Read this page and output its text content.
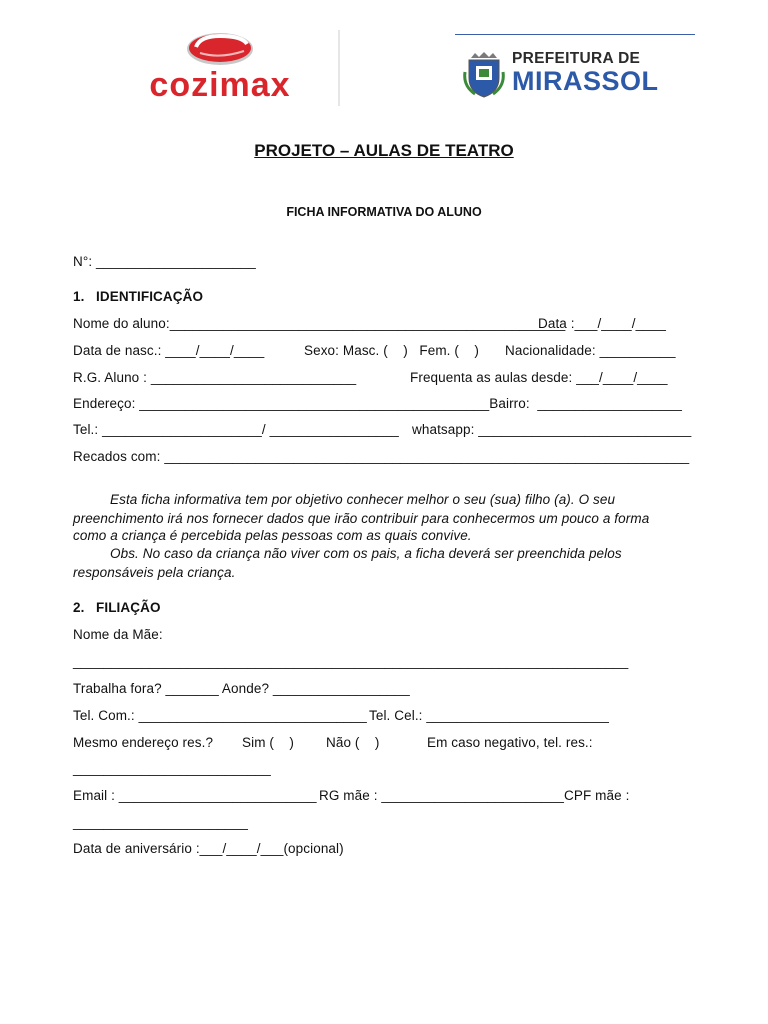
cozimax
PREFEITURA DE
MIRASSOL
PROJETO – AULAS DE TEATRO
FICHA INFORMATIVA DO ALUNO
N°: _____________________
1.   IDENTIFICAÇÃO
Nome do aluno:____________________________________________________
Data :___/____/____
Data de nasc.: ____/____/____	Sexo: Masc. (    )   Fem. (    ) Nacionalidade: __________
R.G. Aluno : ___________________________	Frequenta as aulas desde: ___/____/____
Endereço: ______________________________________________Bairro:  ___________________
Tel.: _____________________/ _________________ whatsapp: ____________________________
Recados com: _____________________________________________________________________
Esta ficha informativa tem por objetivo conhecer melhor o seu (sua) filho (a). O seu
preenchimento irá nos fornecer dados que irão contribuir para conhecermos um pouco a forma
como a criança é percebida pelas pessoas com as quais convive.
Obs. No caso da criança não viver com os pais, a ficha deverá ser preenchida pelos
responsáveis pela criança.
2.   FILIAÇÃO
Nome da Mãe:
_________________________________________________________________________
Trabalha fora? _______ Aonde? __________________
Tel. Com.: ______________________________ Tel. Cel.: ________________________
Mesmo endereço res.? Sim (    ) Não (    )	Em caso negativo, tel. res.:
__________________________
Email : __________________________ RG mãe : ________________________CPF mãe :
_______________________
Data de aniversário :___/____/___(opcional)
